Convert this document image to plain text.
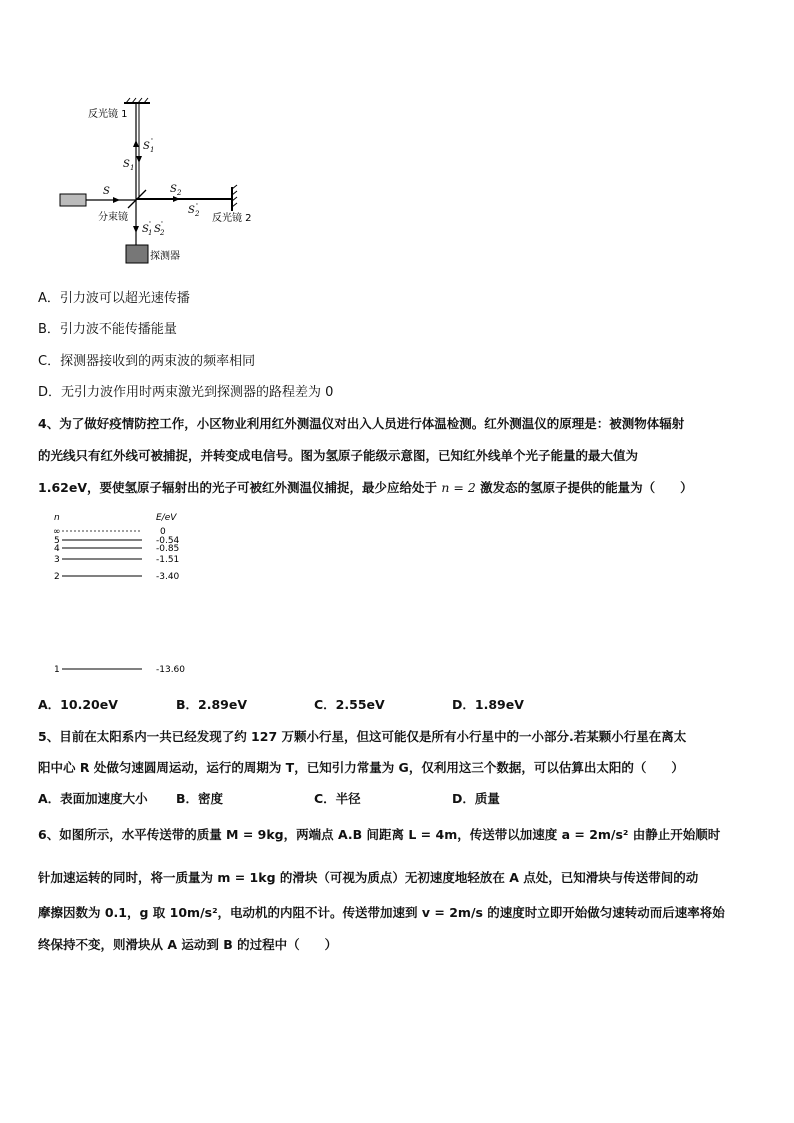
反光镜 1
S 1
'
S 1
S
分束镜
S 2
S 2
'
反光镜 2
S 1
' S 2
'
探测器
A．引力波可以超光速传播
B．引力波不能传播能量
C．探测器接收到的两束波的频率相同
D．无引力波作用时两束激光到探测器的路程差为 0
4、为了做好疫情防控工作，小区物业利用红外测温仪对出入人员进行体温检测。红外测温仪的原理是：被测物体辐射
的光线只有红外线可被捕捉，并转变成电信号。图为氢原子能级示意图，已知红外线单个光子能量的最大值为
1.62eV，要使氢原子辐射出的光子可被红外测温仪捕捉，最少应给处于 n = 2 激发态的氢原子提供的能量为（　　）
n	E/eV
∞	0
5	-0.54
4	-0.85
3	-1.51
2	-3.40
1	-13.60
A．10.20eV	B．2.89eV	C．2.55eV	D．1.89eV
5、目前在太阳系内一共已经发现了约 127 万颗小行星，但这可能仅是所有小行星中的一小部分.若某颗小行星在离太
阳中心 R 处做匀速圆周运动，运行的周期为 T，已知引力常量为 G，仅利用这三个数据，可以估算出太阳的（　　）
A．表面加速度大小 B．密度	C．半径	D．质量
6、如图所示，水平传送带的质量 M = 9kg，两端点 A.B 间距离 L = 4m，传送带以加速度 a = 2m/s² 由静止开始顺时
针加速运转的同时，将一质量为 m = 1kg 的滑块（可视为质点）无初速度地轻放在 A 点处，已知滑块与传送带间的动
摩擦因数为 0.1，g 取 10m/s²，电动机的内阻不计。传送带加速到 v = 2m/s 的速度时立即开始做匀速转动而后速率将始
终保持不变，则滑块从 A 运动到 B 的过程中（　　）
